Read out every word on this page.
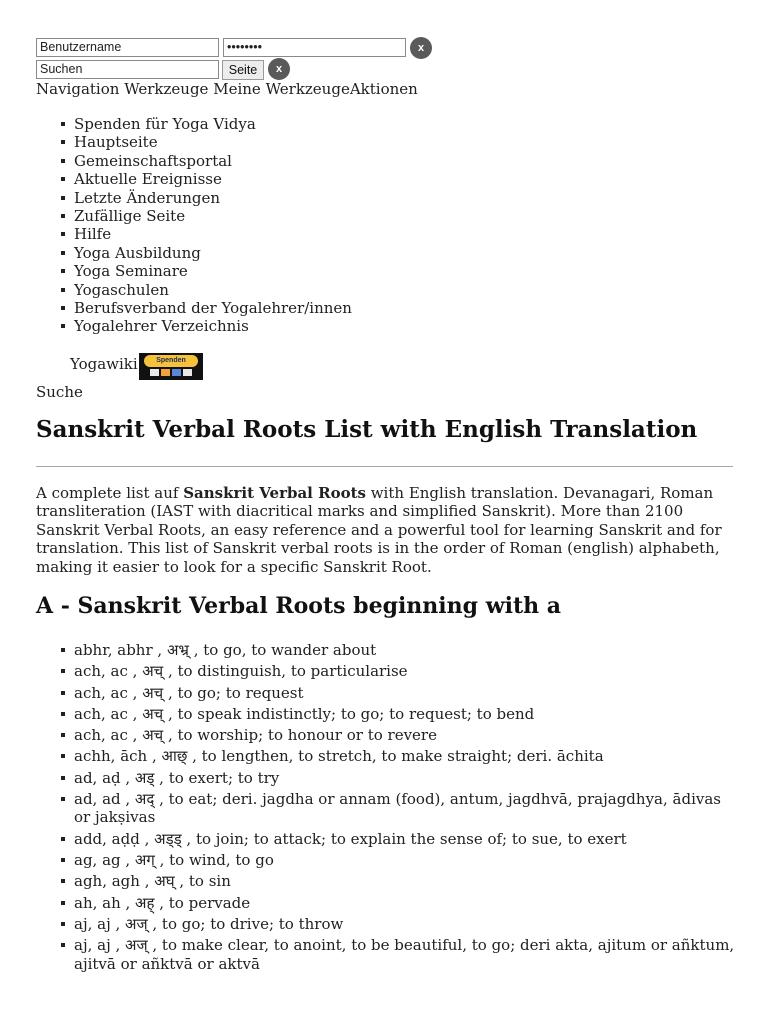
Benutzername	••••••••	x
Suchen	Seite	x
Navigation Werkzeuge Meine WerkzeugeAktionen
Spenden für Yoga Vidya
Hauptseite
Gemeinschaftsportal
Aktuelle Ereignisse
Letzte Änderungen
Zufällige Seite
Hilfe
Yoga Ausbildung
Yoga Seminare
Yogaschulen
Berufsverband der Yogalehrer/innen
Yogalehrer Verzeichnis
Yogawiki	Spenden
Suche
Sanskrit Verbal Roots List with English Translation

A complete list auf Sanskrit Verbal Roots with English translation. Devanagari, Roman transliteration (IAST with diacritical marks and simplified Sanskrit). More than 2100 Sanskrit Verbal Roots, an easy reference and a powerful tool for learning Sanskrit and for translation. This list of Sanskrit verbal roots is in the order of Roman (english) alphabeth, making it easier to look for a specific Sanskrit Root.

A - Sanskrit Verbal Roots beginning with a
abhr, abhr , अभ्र् , to go, to wander about
ach, ac , अच् , to distinguish, to particularise
ach, ac , अच् , to go; to request
ach, ac , अच् , to speak indistinctly; to go; to request; to bend
ach, ac , अच् , to worship; to honour or to revere
achh, āch , आछ् , to lengthen, to stretch, to make straight; deri. āchita
ad, aḍ , अड् , to exert; to try
ad, ad , अद् , to eat; deri. jagdha or annam (food), antum, jagdhvā, prajagdhya, ādivas or jakṣivas
add, aḍḍ , अड्ड् , to join; to attack; to explain the sense of; to sue, to exert
ag, ag , अग् , to wind, to go
agh, agh , अघ् , to sin
ah, ah , अह् , to pervade
aj, aj , अज् , to go; to drive; to throw
aj, aj , अज् , to make clear, to anoint, to be beautiful, to go; deri akta, ajitum or añktum, ajitvā or añktvā or aktvā
